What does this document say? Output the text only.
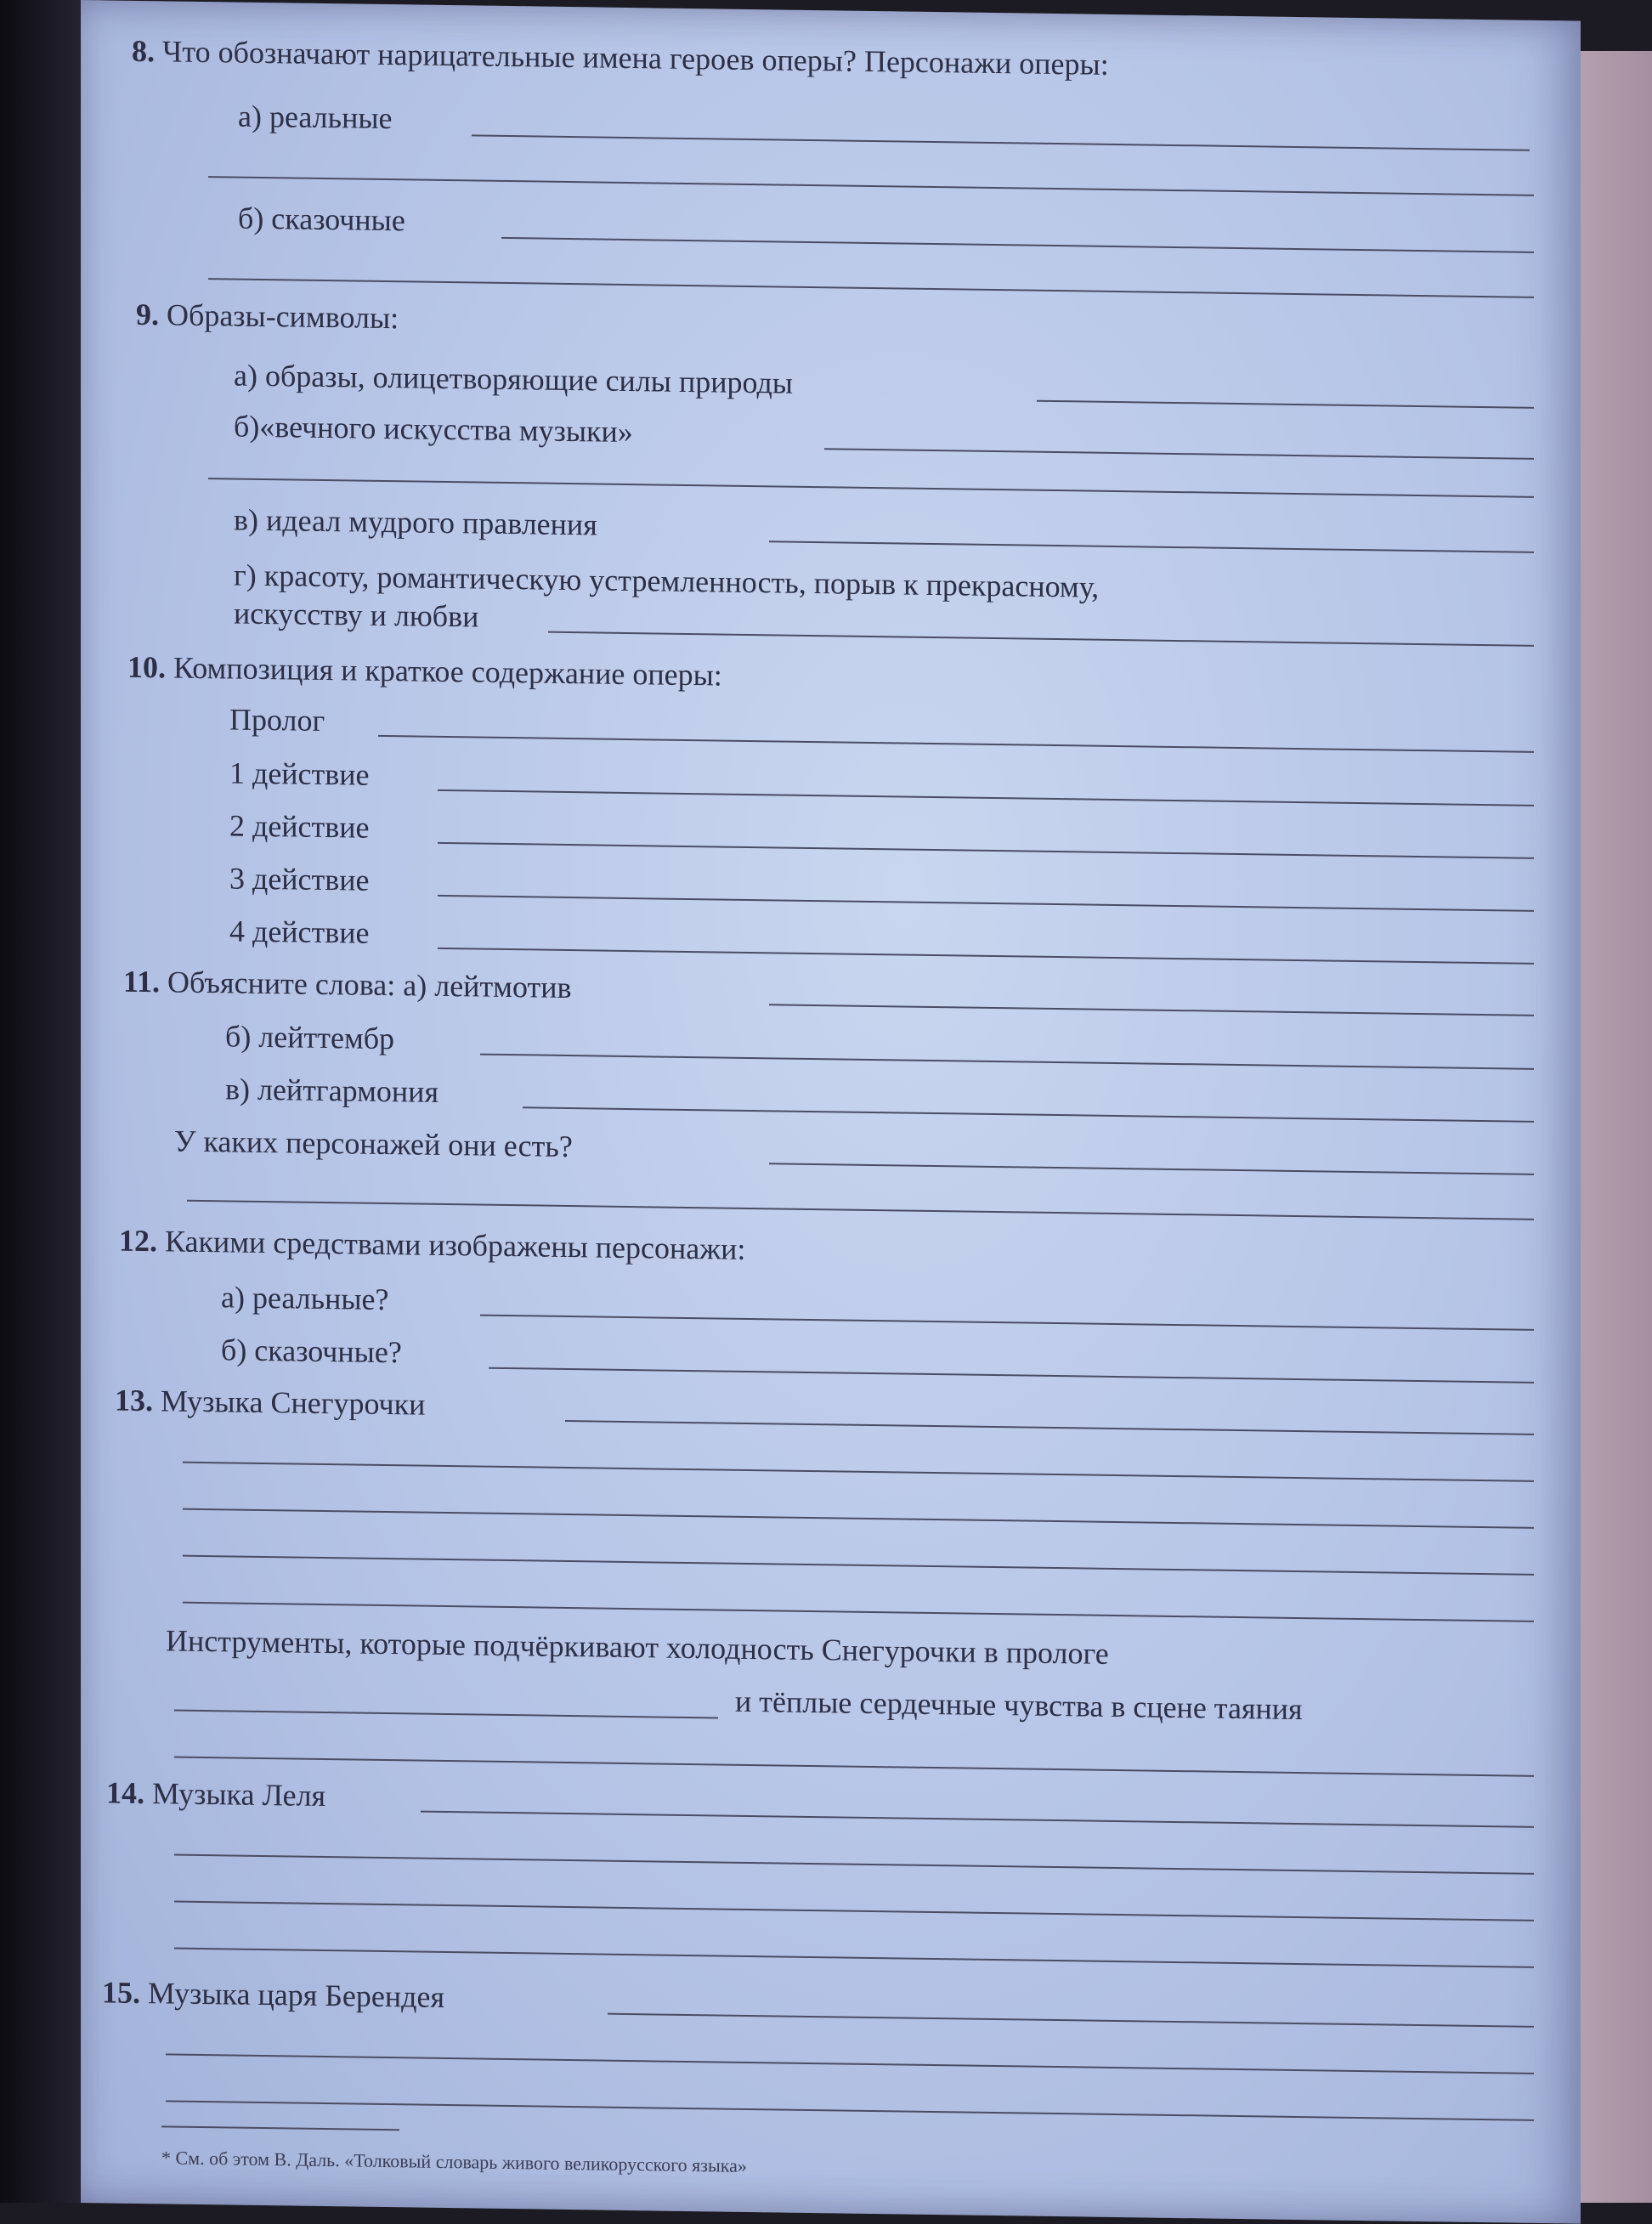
8. Что обозначают нарицательные имена героев оперы? Персонажи оперы:
а) реальные
б) сказочные
9. Образы-символы:
а) образы, олицетворяющие силы природы
б)«вечного искусства музыки»
в) идеал мудрого правления
г) красоту, романтическую устремленность, порыв к прекрасному,
искусству и любви
10. Композиция и краткое содержание оперы:
Пролог
1 действие
2 действие
3 действие
4 действие
11. Объясните слова: а) лейтмотив
б) лейттембр
в) лейтгармония
У каких персонажей они есть?
12. Какими средствами изображены персонажи:
а) реальные?
б) сказочные?
13. Музыка Снегурочки
Инструменты, которые подчёркивают холодность Снегурочки в прологе
и тёплые сердечные чувства в сцене таяния
14. Музыка Леля
15. Музыка царя Берендея
* См. об этом В. Даль. «Толковый словарь живого великорусского языка»
